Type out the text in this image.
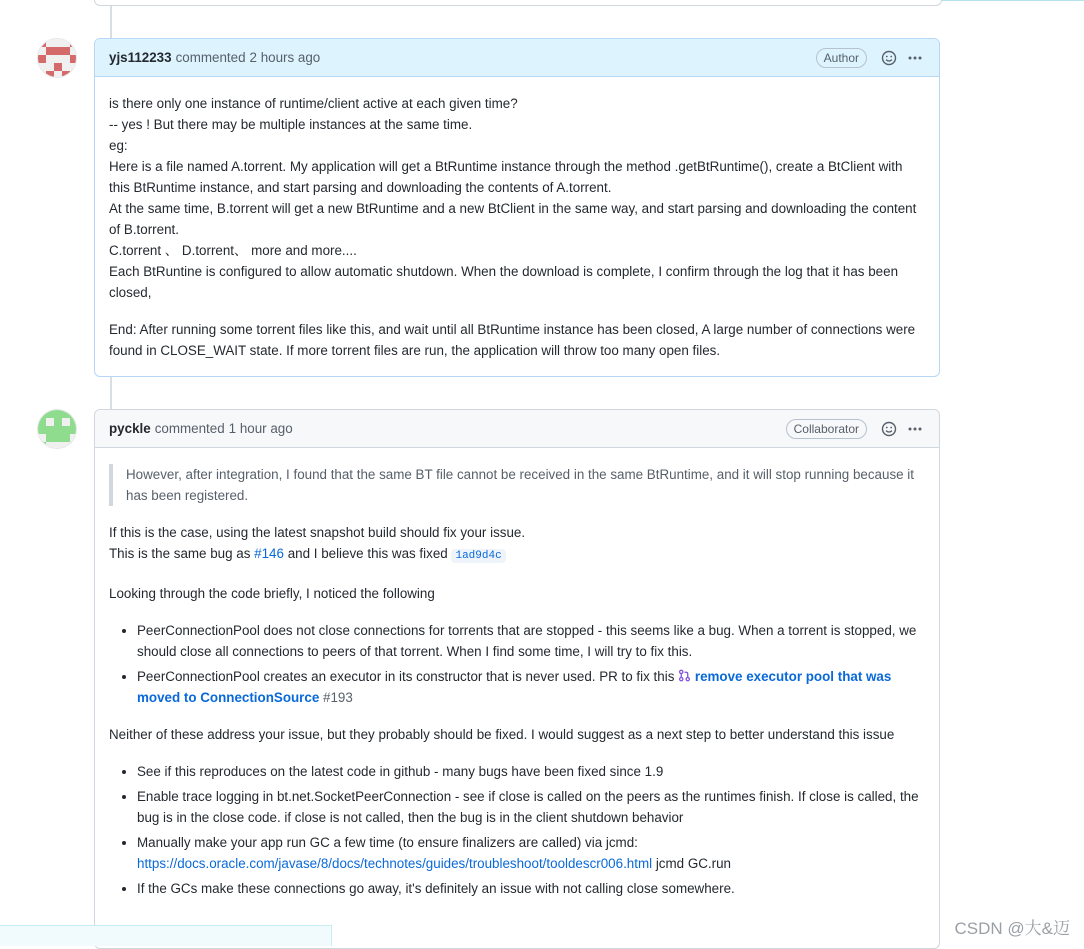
yjs112233 commented 2 hours ago	Author

is there only one instance of runtime/client active at each given time?
-- yes ! But there may be multiple instances at the same time.
eg:
Here is a file named A.torrent. My application will get a BtRuntime instance through the method .getBtRuntime(), create a BtClient with this BtRuntime instance, and start parsing and downloading the contents of A.torrent.
At the same time, B.torrent will get a new BtRuntime and a new BtClient in the same way, and start parsing and downloading the content of B.torrent.
C.torrent 、 D.torrent、 more and more....
Each BtRuntine is configured to allow automatic shutdown. When the download is complete, I confirm through the log that it has been closed,

End: After running some torrent files like this, and wait until all BtRuntime instance has been closed, A large number of connections were found in CLOSE_WAIT state. If more torrent files are run, the application will throw too many open files.

pyckle commented 1 hour ago	Collaborator
However, after integration, I found that the same BT file cannot be received in the same BtRuntime, and it will stop running because it has been registered.

If this is the case, using the latest snapshot build should fix your issue.
This is the same bug as #146 and I believe this was fixed 1ad9d4c

Looking through the code briefly, I noticed the following

• PeerConnectionPool does not close connections for torrents that are stopped - this seems like a bug. When a torrent is stopped, we should close all connections to peers of that torrent. When I find some time, I will try to fix this.
• PeerConnectionPool creates an executor in its constructor that is never used. PR to fix this remove executor pool that was moved to ConnectionSource #193

Neither of these address your issue, but they probably should be fixed. I would suggest as a next step to better understand this issue

• See if this reproduces on the latest code in github - many bugs have been fixed since 1.9
• Enable trace logging in bt.net.SocketPeerConnection - see if close is called on the peers as the runtimes finish. If close is called, the bug is in the close code. if close is not called, then the bug is in the client shutdown behavior
• Manually make your app run GC a few time (to ensure finalizers are called) via jcmd:
https://docs.oracle.com/javase/8/docs/technotes/guides/troubleshoot/tooldescr006.html jcmd GC.run
• If the GCs make these connections go away, it's definitely an issue with not calling close somewhere.
CSDN @大&迈
